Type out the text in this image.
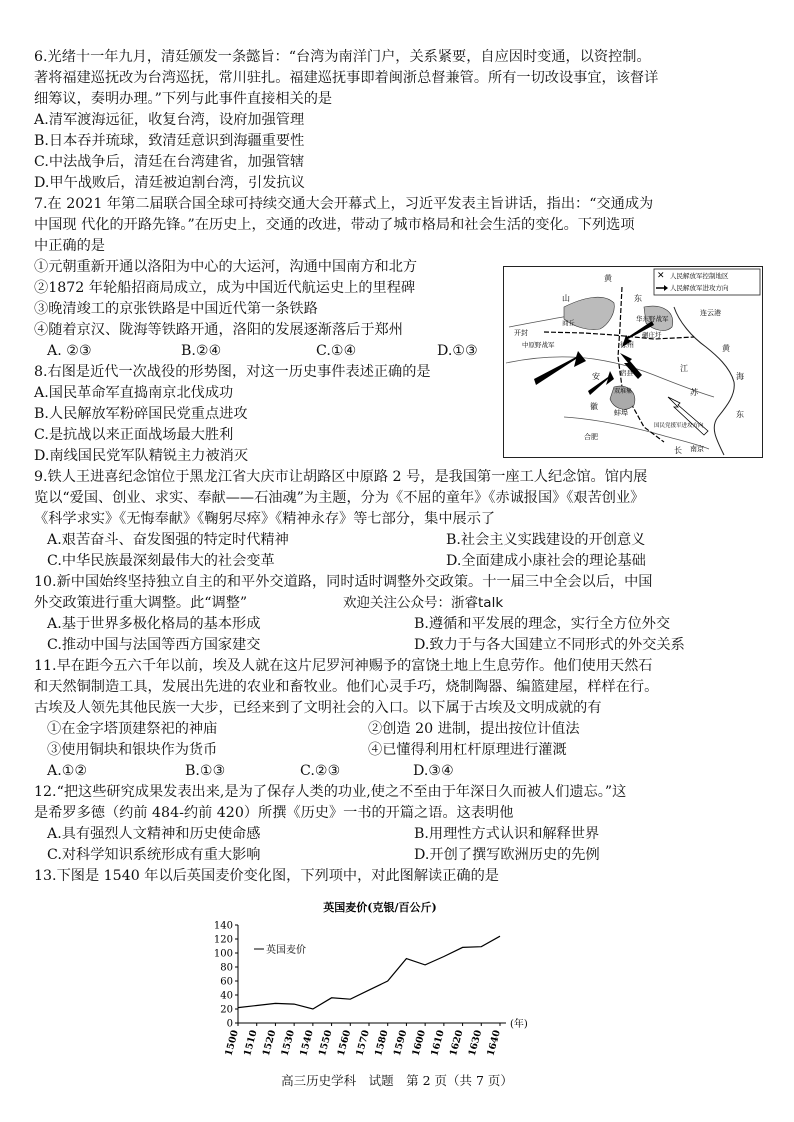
6.光绪十一年九月，清廷颁发一条懿旨：“台湾为南洋门户，关系紧要，自应因时变通，以资控制。
著将福建巡抚改为台湾巡抚，常川驻扎。福建巡抚事即着闽浙总督兼管。所有一切改设事宜，该督详
细筹议，奏明办理。”下列与此事件直接相关的是
A.清军渡海远征，收复台湾，设府加强管理
B.日本吞并琉球，致清廷意识到海疆重要性
C.中法战争后，清廷在台湾建省，加强管辖
D.甲午战败后，清廷被迫割台湾，引发抗议
7.在 2021 年第二届联合国全球可持续交通大会开幕式上，习近平发表主旨讲话，指出：“交通成为
中国现 代化的开路先锋。”在历史上，交通的改进，带动了城市格局和社会生活的变化。下列选项
中正确的是
①元朝重新开通以洛阳为中心的大运河，沟通中国南方和北方
②1872 年轮船招商局成立，成为中国近代航运史上的里程碑
③晚清竣工的京张铁路是中国近代第一条铁路
④随着京汉、陇海等铁路开通，洛阳的发展逐渐落后于郑州
A. ②③	B.②④	C.①④	D.①③
8.右图是近代一次战役的形势图，对这一历史事件表述正确的是
A.国民革命军直捣南京北伐成功
B.人民解放军粉碎国民党重点进攻
C.是抗战以来正面战场最大胜利
D.南线国民党军队精锐主力被消灭
✕ 人民解放军控制地区
人民解放军进攻方向
黄
山	东
华东野战军
连云港
开封
中原野战军	徐州	黄
海
江
苏
安
徽
南京
蚌埠
合肥
长
国民党援军进攻方向
东
商丘
碾庄圩
宿县
双堆集
9.铁人王进喜纪念馆位于黑龙江省大庆市让胡路区中原路 2 号，是我国第一座工人纪念馆。馆内展
览以“爱国、创业、求实、奉献——石油魂”为主题，分为《不屈的童年》《赤诚报国》《艰苦创业》
《科学求实》《无悔奉献》《鞠躬尽瘁》《精神永存》等七部分，集中展示了
A.艰苦奋斗、奋发图强的特定时代精神	B.社会主义实践建设的开创意义
C.中华民族最深刻最伟大的社会变革	D.全面建成小康社会的理论基础
10.新中国始终坚持独立自主的和平外交道路，同时适时调整外交政策。十一届三中全会以后，中国
外交政策进行重大调整。此“调整”	欢迎关注公众号：浙睿talk
A.基于世界多极化格局的基本形成	B.遵循和平发展的理念，实行全方位外交
C.推动中国与法国等西方国家建交	D.致力于与各大国建立不同形式的外交关系
11.早在距今五六千年以前，埃及人就在这片尼罗河神赐予的富饶土地上生息劳作。他们使用天然石
和天然铜制造工具，发展出先进的农业和畜牧业。他们心灵手巧，烧制陶器、编篮建屋，样样在行。
古埃及人领先其他民族一大步，已经来到了文明社会的入口。以下属于古埃及文明成就的有
①在金字塔顶建祭祀的神庙	②创造 20 进制，提出按位计值法
③使用铜块和银块作为货币	④已懂得利用杠杆原理进行灌溉
A.①②	B.①③	C.②③	D.③④
12.“把这些研究成果发表出来,是为了保存人类的功业,使之不至由于年深日久而被人们遗忘。”这
是希罗多德（约前 484-约前 420）所撰《历史》一书的开篇之语。这表明他
A.具有强烈人文精神和历史使命感	B.用理性方式认识和解释世界
C.对科学知识系统形成有重大影响	D.开创了撰写欧洲历史的先例
13.下图是 1540 年以后英国麦价变化图，下列项中，对此图解读正确的是
英国麦价(克银/百公斤)
英国麦价
0
20
40
60
80
100
120
140
1500 1510 1520 1530 1540 1550 1560 1570 1580 1590 1600 1610 1620 1630 1640
(年)
高三历史学科　试题　第 2 页（共 7 页）
